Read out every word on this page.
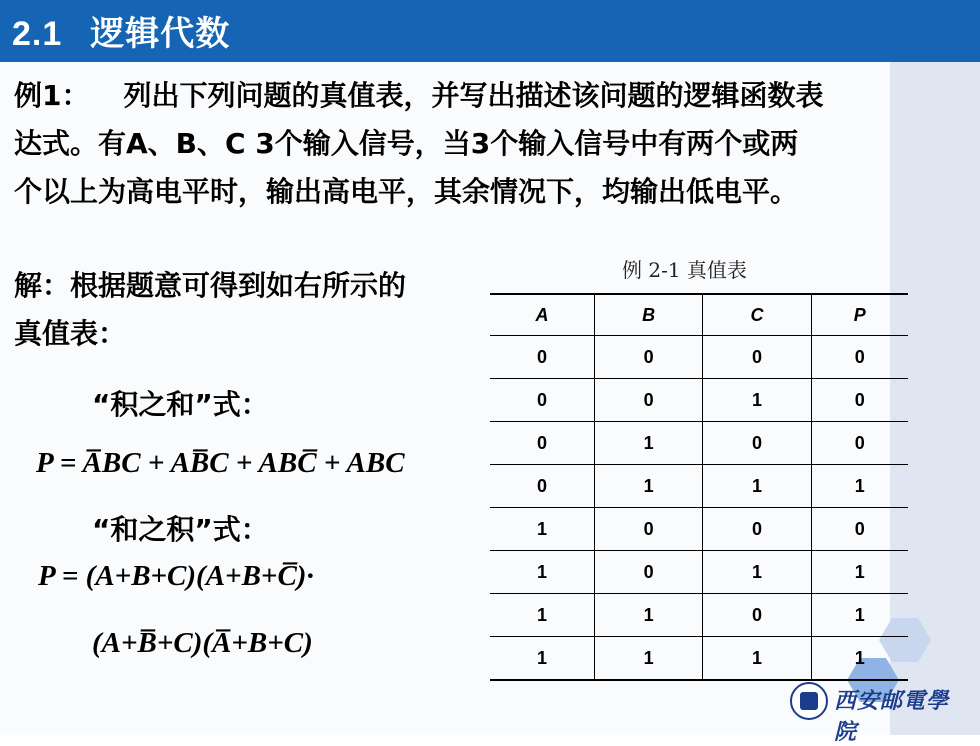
2.1 逻辑代数
例1： 列出下列问题的真值表，并写出描述该问题的逻辑函数表
达式。有A、B、C 3个输入信号，当3个输入信号中有两个或两
个以上为高电平时，输出高电平，其余情况下，均输出低电平。
解：根据题意可得到如右所示的
真值表：
“积之和”式：
P = A̅BC + AB̅C + ABC̅ + ABC
“和之积”式：
P = (A+B+C)(A+B+C̅)·
(A+B̅+C)(A̅+B+C)
例 2-1 真值表
A	B	C	P
0	0	0	0
0	0	1	0
0	1	0	0
0	1	1	1
1	0	0	0
1	0	1	1
1	1	0	1
1	1	1	1
西安邮電學院
